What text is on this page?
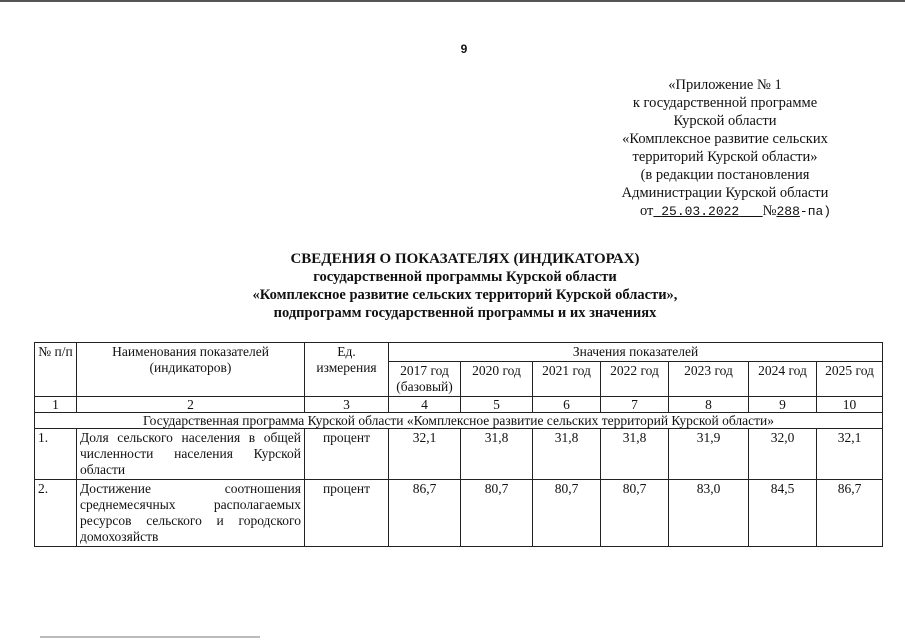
9
«Приложение № 1
к государственной программе
Курской области
«Комплексное развитие сельских
территорий Курской области»
(в редакции постановления
Администрации Курской области
от 25.03.2022 №288-па)
СВЕДЕНИЯ О ПОКАЗАТЕЛЯХ (ИНДИКАТОРАХ)
государственной программы Курской области
«Комплексное развитие сельских территорий Курской области»,
подпрограмм государственной программы и их значениях
№ п/п	Наименования показателей (индикаторов)	Ед. измерения	Значения показателей						
			2017 год (базовый)	2020 год	2021 год	2022 год	2023 год	2024 год	2025 год
1	2	3	4	5	6	7	8	9	10
Государственная программа Курской области «Комплексное развитие сельских территорий Курской области»									
1.	Доля сельского населения в общей численности населения Курской области	процент	32,1	31,8	31,8	31,8	31,9	32,0	32,1
2.	Достижение соотношения среднемесячных располагаемых ресурсов сельского и городского домохозяйств	процент	86,7	80,7	80,7	80,7	83,0	84,5	86,7
